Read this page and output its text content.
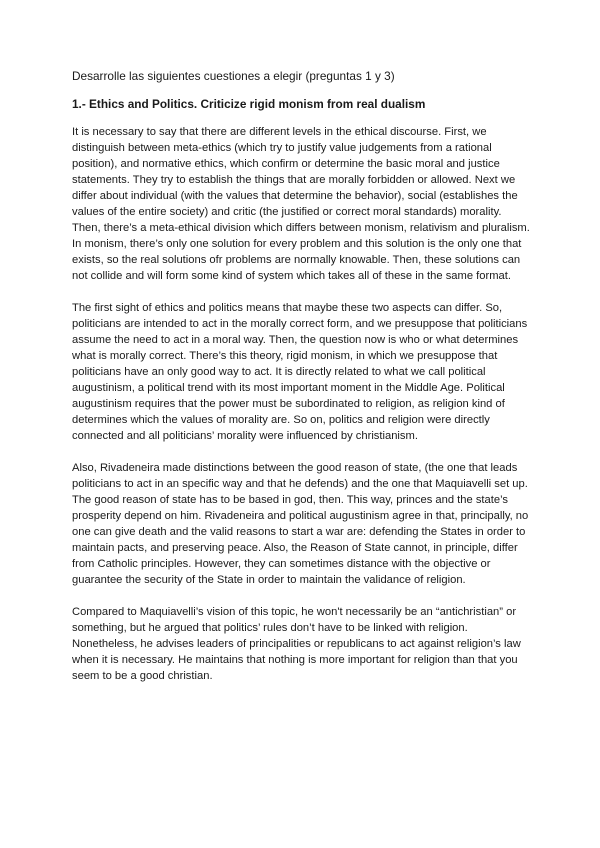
Desarrolle las siguientes cuestiones a elegir (preguntas 1 y 3)

1.- Ethics and Politics. Criticize rigid monism from real dualism

It is necessary to say that there are different levels in the ethical discourse. First, we distinguish between meta-ethics (which try to justify value judgements from a rational position), and normative ethics, which confirm or determine the basic moral and justice statements. They try to establish the things that are morally forbidden or allowed. Next we differ about individual (with the values that determine the behavior), social (establishes the values of the entire society) and critic (the justified or correct moral standards) morality. Then, there’s a meta-ethical division which differs between monism, relativism and pluralism. In monism, there’s only one solution for every problem and this solution is the only one that exists, so the real solutions ofr problems are normally knowable. Then, these solutions can not collide and will form some kind of system which takes all of these in the same format.

The first sight of ethics and politics means that maybe these two aspects can differ. So, politicians are intended to act in the morally correct form, and we presuppose that politicians assume the need to act in a moral way. Then, the question now is who or what determines what is morally correct. There’s this theory, rigid monism, in which we presuppose that politicians have an only good way to act. It is directly related to what we call political augustinism, a political trend with its most important moment in the Middle Age. Political augustinism requires that the power must be subordinated to religion, as religion kind of determines which the values of morality are. So on, politics and religion were directly connected and all politicians’ morality were influenced by christianism.

Also, Rivadeneira made distinctions between the good reason of state, (the one that leads politicians to act in an specific way and that he defends) and the one that Maquiavelli set up. The good reason of state has to be based in god, then. This way, princes and the state’s prosperity depend on him. Rivadeneira and political augustinism agree in that, principally, no one can give death and the valid reasons to start a war are: defending the States in order to maintain pacts, and preserving peace. Also, the Reason of State cannot, in principle, differ from Catholic principles. However, they can sometimes distance with the objective or guarantee the security of the State in order to maintain the validance of religion.

Compared to Maquiavelli’s vision of this topic, he won't necessarily be an “antichristian” or something, but he argued that politics’ rules don’t have to be linked with religion. Nonetheless, he advises leaders of principalities or republicans to act against religion’s law when it is necessary. He maintains that nothing is more important for religion than that you seem to be a good christian.
